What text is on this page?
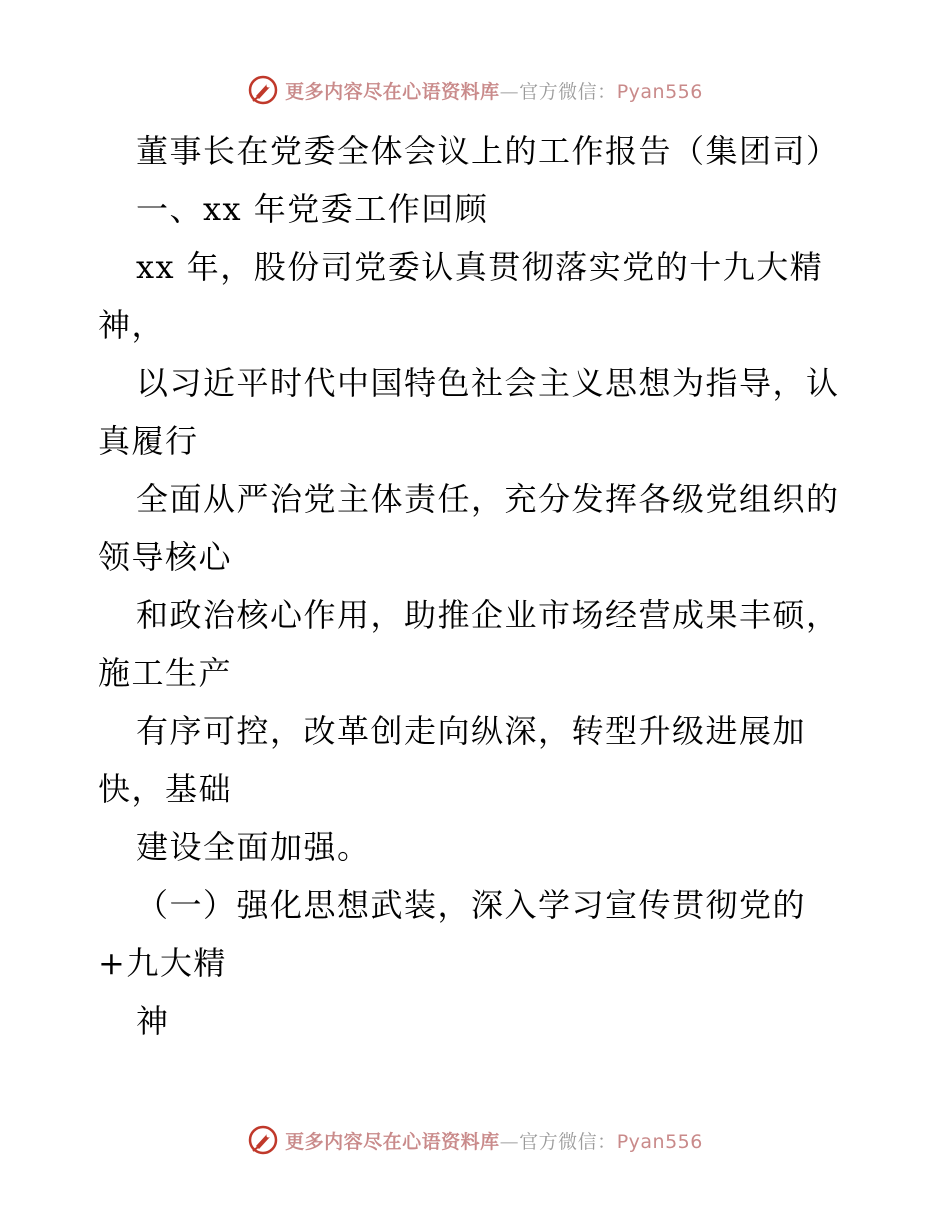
更多内容尽在心语资料库—官方微信：Pyan556
董事长在党委全体会议上的工作报告（集团司）
一、xx 年党委工作回顾
xx 年，股份司党委认真贯彻落实党的十九大精
神，
以习近平时代中国特色社会主义思想为指导，认
真履行
全面从严治党主体责任，充分发挥各级党组织的
领导核心
和政治核心作用，助推企业市场经营成果丰硕，
施工生产
有序可控，改革创走向纵深，转型升级进展加
快，基础
建设全面加强。
（一）强化思想武装，深入学习宣传贯彻党的
+九大精
神
更多内容尽在心语资料库—官方微信：Pyan556
